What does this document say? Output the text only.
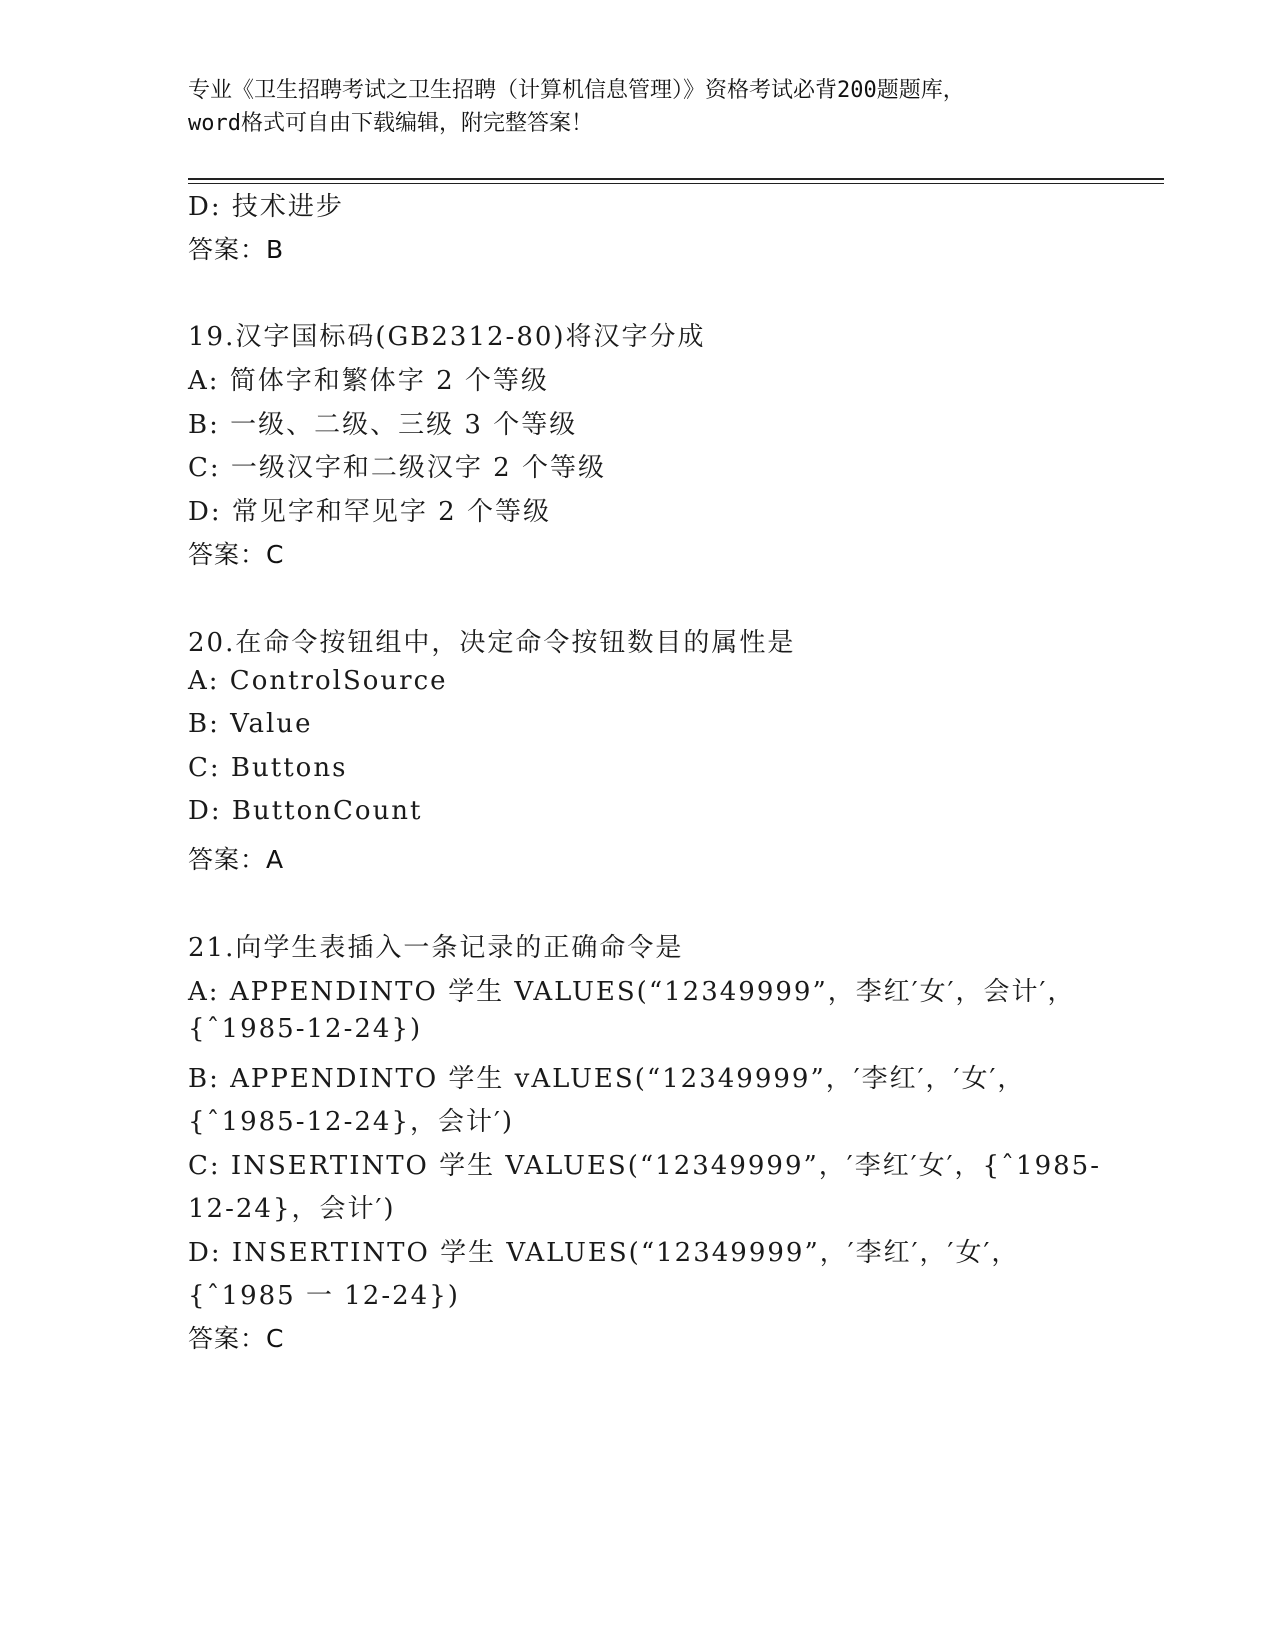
专业《卫生招聘考试之卫生招聘（计算机信息管理）》资格考试必背200题题库，
word格式可自由下载编辑，附完整答案！
D: 技术进步
答案：B
19.汉字国标码(GB2312-80)将汉字分成
A: 简体字和繁体字 2 个等级
B: 一级、二级、三级 3 个等级
C: 一级汉字和二级汉字 2 个等级
D: 常见字和罕见字 2 个等级
答案：C
20.在命令按钮组中，决定命令按钮数目的属性是
A: ControlSource
B: Value
C: Buttons
D: ButtonCount
答案：A
21.向学生表插入一条记录的正确命令是
A: APPENDINTO 学生 VALUES(“12349999”，李红′女′，会计′，
{ˆ1985-12-24})
B: APPENDINTO 学生 vALUES(“12349999”，′李红′，′女′，
{ˆ1985-12-24}，会计′)
C: INSERTINTO 学生 VALUES(“12349999”，′李红′女′，{ˆ1985-
12-24}，会计′)
D: INSERTINTO 学生 VALUES(“12349999”，′李红′，′女′，
{ˆ1985 一 12-24})
答案：C
